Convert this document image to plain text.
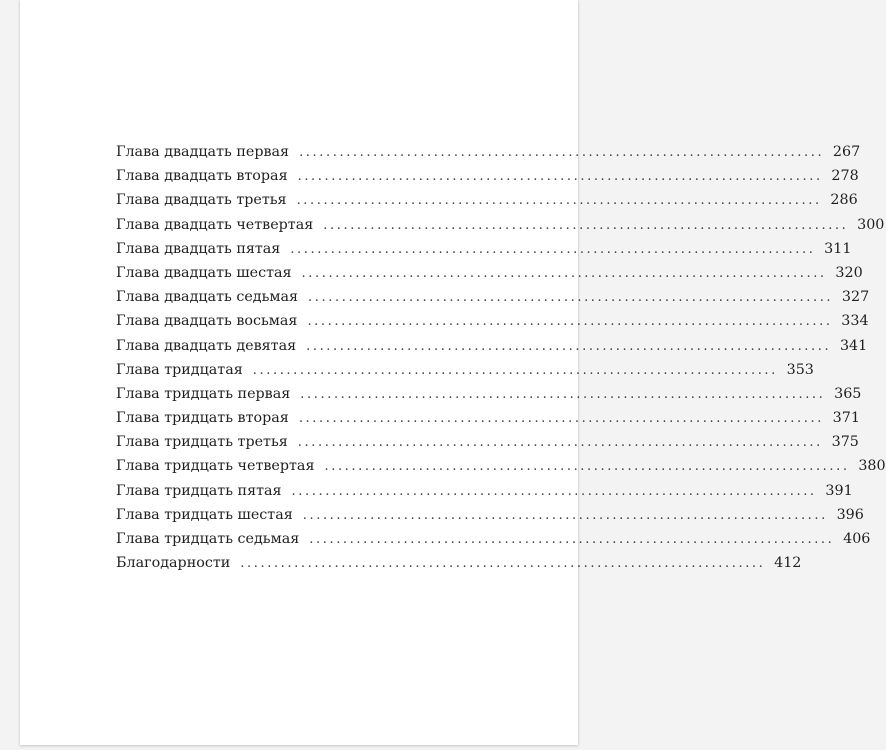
Глава двадцать первая .............................................................................. 267
Глава двадцать вторая .............................................................................. 278
Глава двадцать третья .............................................................................. 286
Глава двадцать четвертая .............................................................................. 300
Глава двадцать пятая .............................................................................. 311
Глава двадцать шестая .............................................................................. 320
Глава двадцать седьмая .............................................................................. 327
Глава двадцать восьмая .............................................................................. 334
Глава двадцать девятая .............................................................................. 341
Глава тридцатая .............................................................................. 353
Глава тридцать первая .............................................................................. 365
Глава тридцать вторая .............................................................................. 371
Глава тридцать третья .............................................................................. 375
Глава тридцать четвертая .............................................................................. 380
Глава тридцать пятая .............................................................................. 391
Глава тридцать шестая .............................................................................. 396
Глава тридцать седьмая .............................................................................. 406
Благодарности .............................................................................. 412
